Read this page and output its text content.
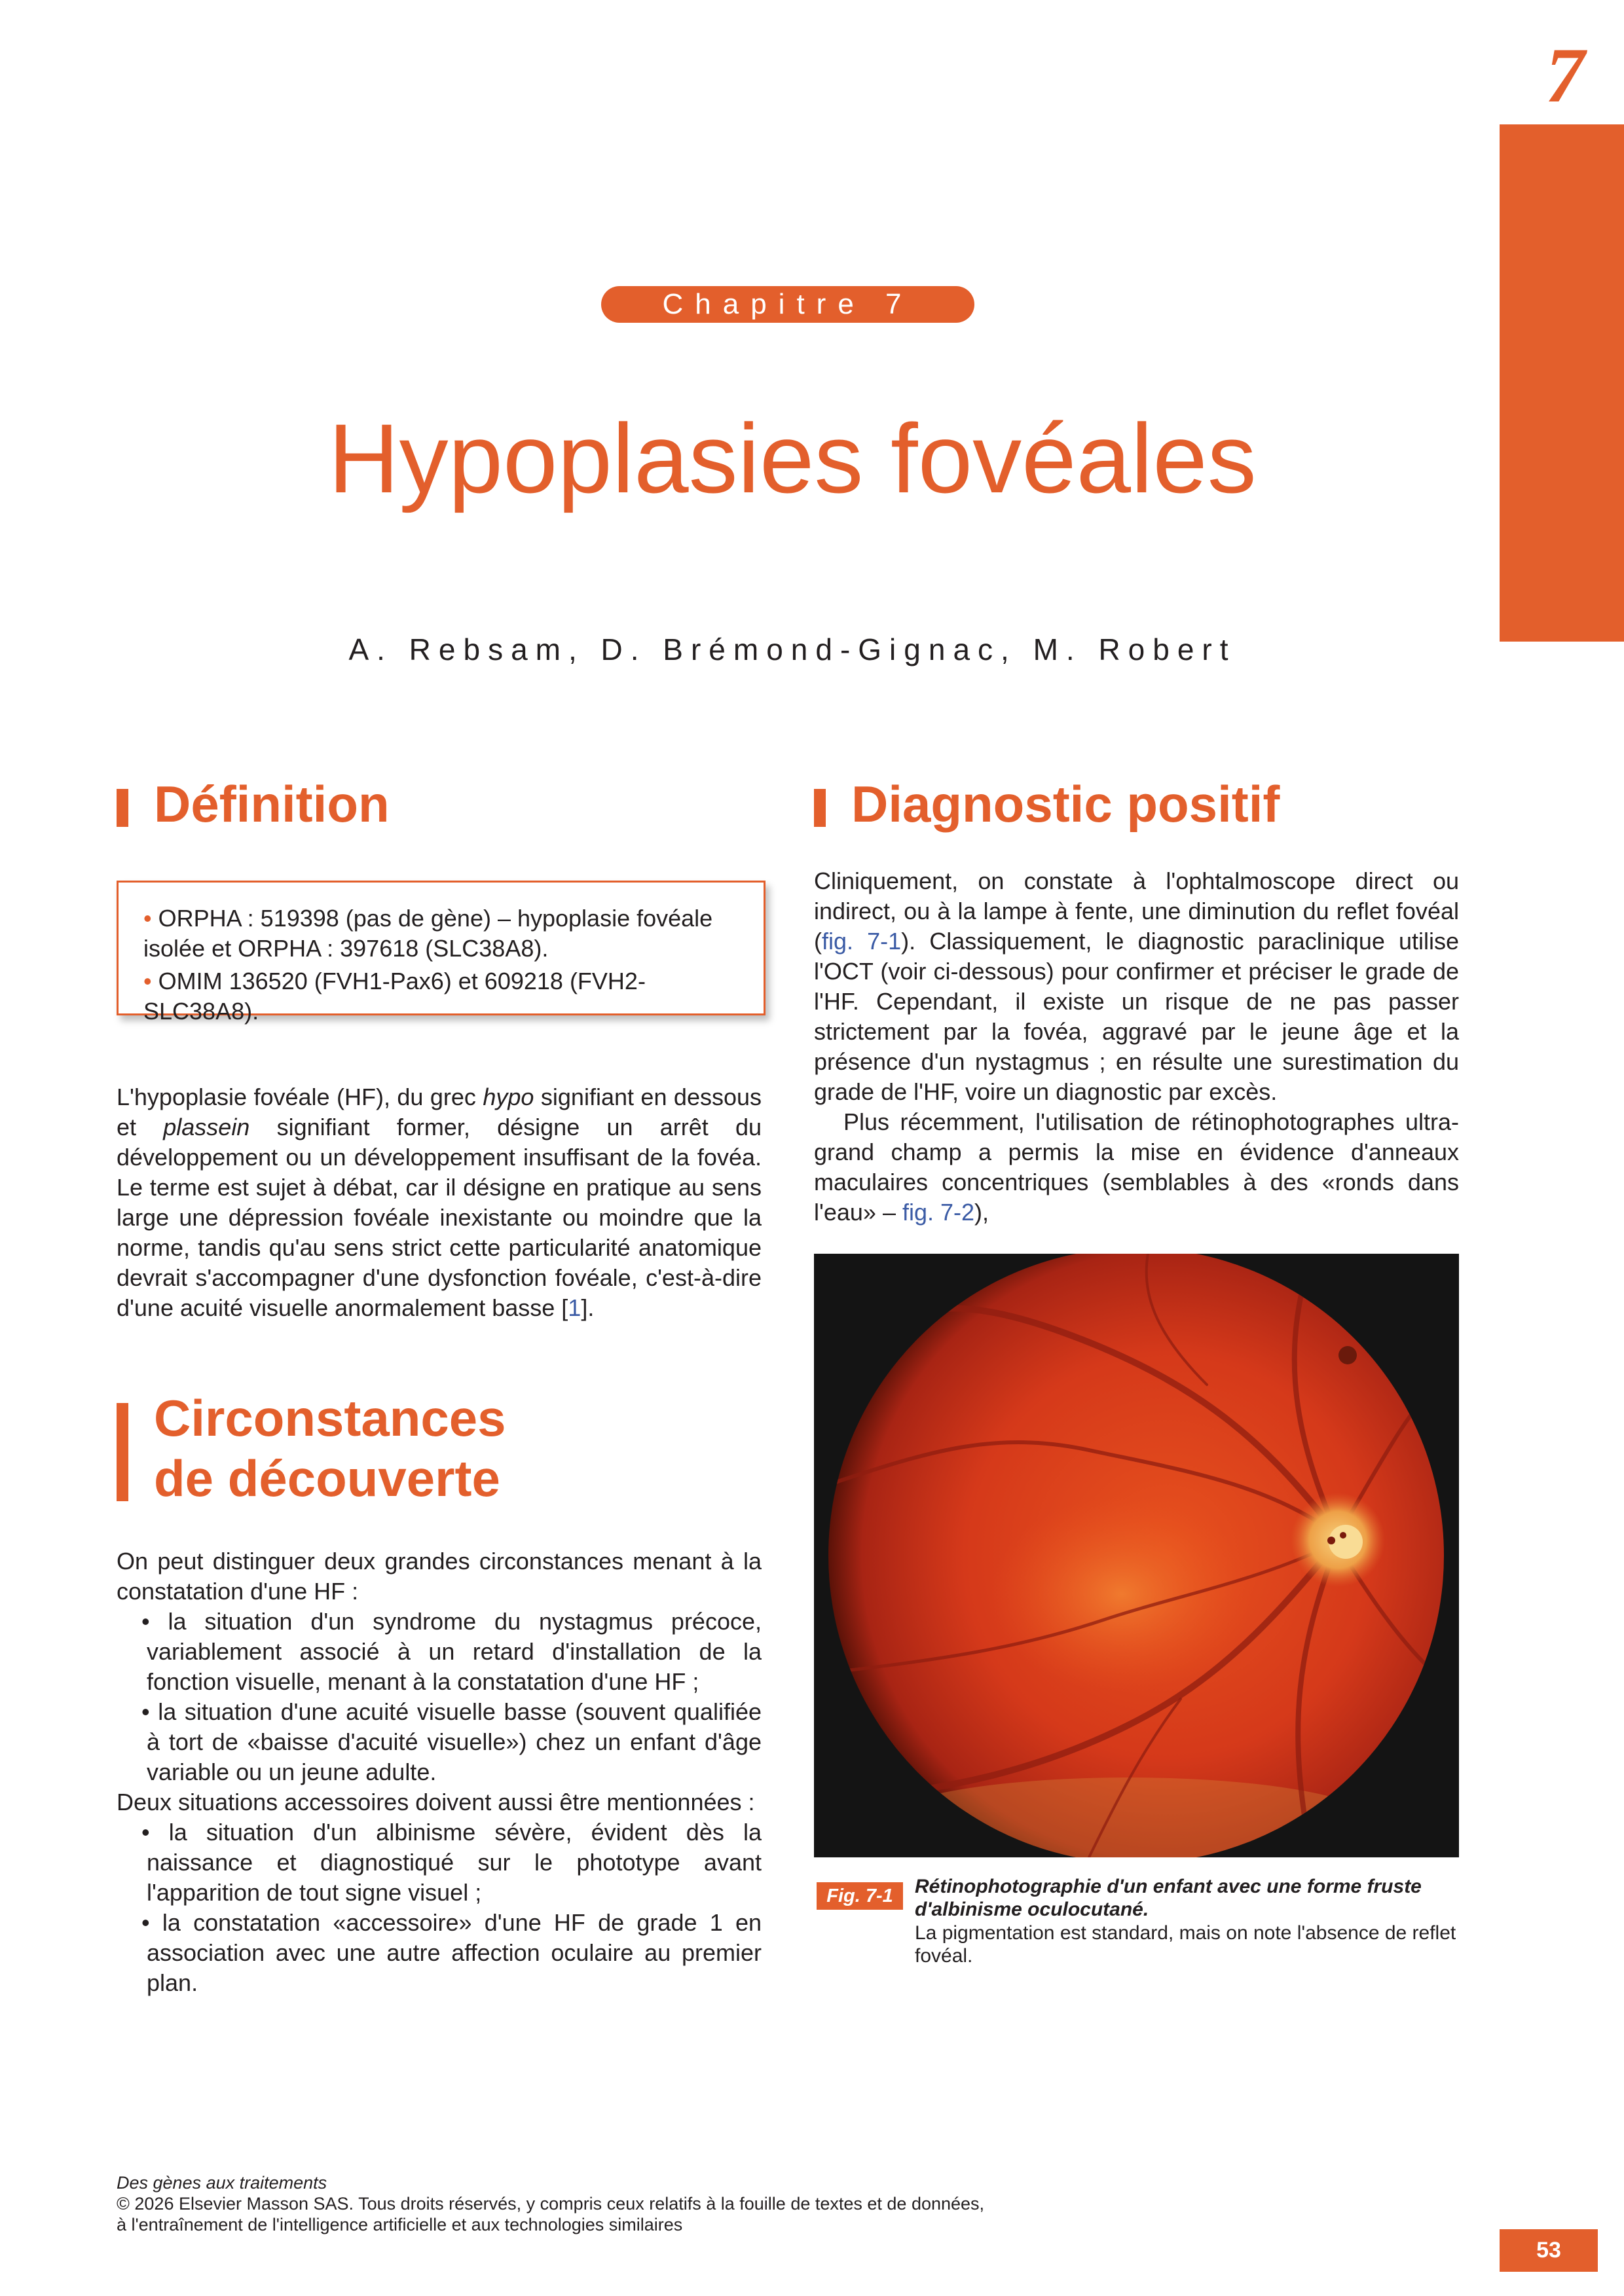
7
Chapitre 7
Hypoplasies fovéales
A. Rebsam, D. Brémond-Gignac, M. Robert
Définition
• ORPHA : 519398 (pas de gène) – hypoplasie fovéale isolée et ORPHA : 397618 (SLC38A8).
• OMIM 136520 (FVH1-Pax6) et 609218 (FVH2-SLC38A8).
L'hypoplasie fovéale (HF), du grec hypo signifiant en dessous et plassein signifiant former, désigne un arrêt du développement ou un développement insuffisant de la fovéa. Le terme est sujet à débat, car il désigne en pratique au sens large une dépression fovéale inexistante ou moindre que la norme, tandis qu'au sens strict cette particularité anatomique devrait s'accompagner d'une dysfonction fovéale, c'est-à-dire d'une acuité visuelle anormalement basse [1].
Circonstances
de découverte

On peut distinguer deux grandes circonstances menant à la constatation d'une HF :

• la situation d'un syndrome du nystagmus précoce, variablement associé à un retard d'installation de la fonction visuelle, menant à la constatation d'une HF ;

• la situation d'une acuité visuelle basse (souvent qualifiée à tort de «baisse d'acuité visuelle») chez un enfant d'âge variable ou un jeune adulte.

Deux situations accessoires doivent aussi être mentionnées :

• la situation d'un albinisme sévère, évident dès la naissance et diagnostiqué sur le phototype avant l'apparition de tout signe visuel ;

• la constatation «accessoire» d'une HF de grade 1 en association avec une autre affection oculaire au premier plan.

Diagnostic positif

Cliniquement, on constate à l'ophtalmoscope direct ou indirect, ou à la lampe à fente, une diminution du reflet fovéal (fig. 7-1). Classiquement, le diagnostic paraclinique utilise l'OCT (voir ci-dessous) pour confirmer et préciser le grade de l'HF. Cependant, il existe un risque de ne pas passer strictement par la fovéa, aggravé par le jeune âge et la présence d'un nystagmus ; en résulte une surestimation du grade de l'HF, voire un diagnostic par excès.

Plus récemment, l'utilisation de rétinophotographes ultra-grand champ a permis la mise en évidence d'anneaux maculaires concentriques (semblables à des «ronds dans l'eau» – fig. 7-2),

Fig. 7-1	Rétinophotographie d'un enfant avec une forme fruste d'albinisme oculocutané.
La pigmentation est standard, mais on note l'absence de reflet fovéal.
Des gènes aux traitements
© 2026 Elsevier Masson SAS. Tous droits réservés, y compris ceux relatifs à la fouille de textes et de données,
à l'entraînement de l'intelligence artificielle et aux technologies similaires
53
